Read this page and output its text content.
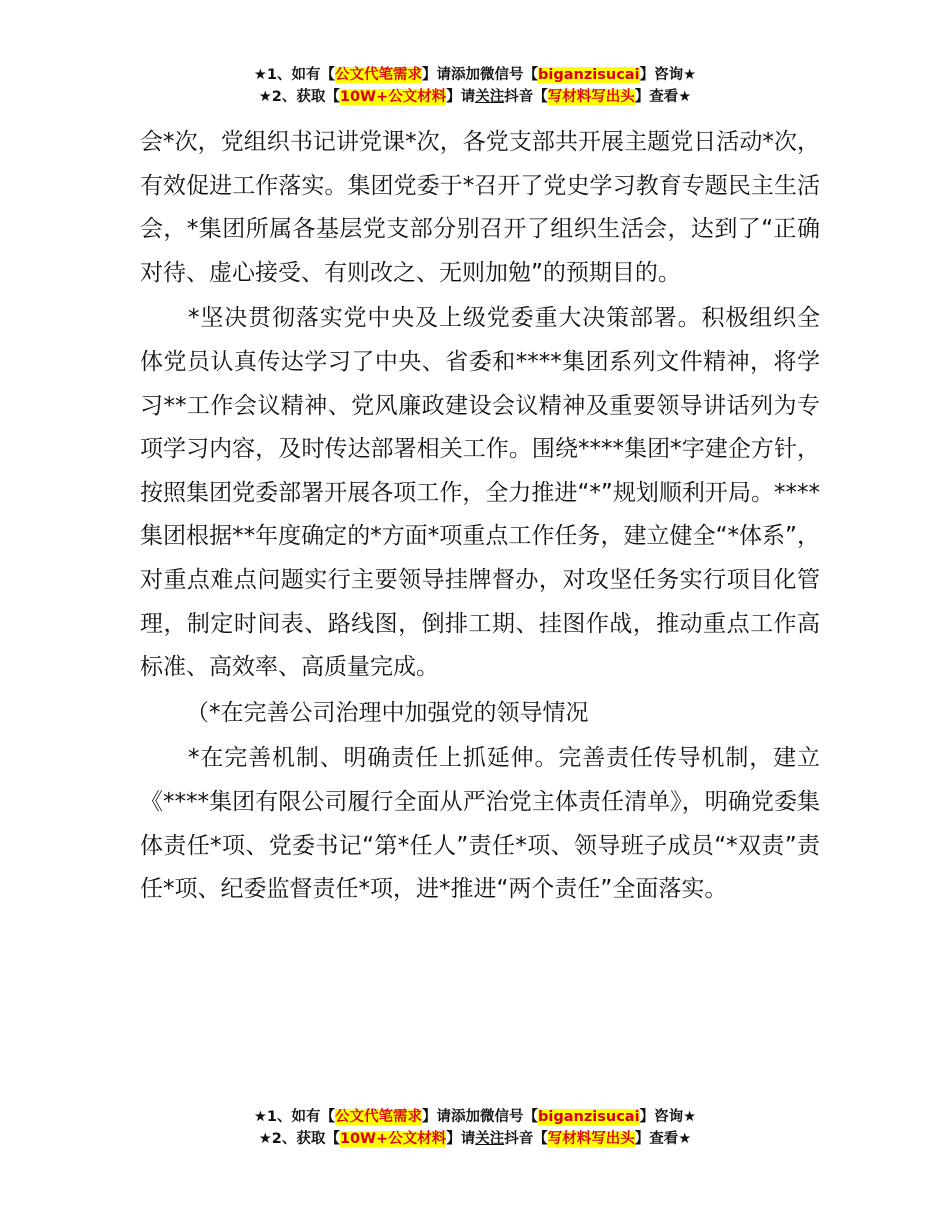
★1、如有【公文代笔需求】请添加微信号【biganzisucai】咨询★
★2、获取【10W+公文材料】请关注抖音【写材料写出头】查看★

会*次，党组织书记讲党课*次，各党支部共开展主题党日活动*次，有效促进工作落实。集团党委于*召开了党史学习教育专题民主生活会，*集团所属各基层党支部分别召开了组织生活会，达到了“正确对待、虚心接受、有则改之、无则加勉”的预期目的。

*坚决贯彻落实党中央及上级党委重大决策部署。积极组织全体党员认真传达学习了中央、省委和****集团系列文件精神，将学习**工作会议精神、党风廉政建设会议精神及重要领导讲话列为专项学习内容，及时传达部署相关工作。围绕****集团*字建企方针，按照集团党委部署开展各项工作，全力推进“*”规划顺利开局。****集团根据**年度确定的*方面*项重点工作任务，建立健全“*体系”，对重点难点问题实行主要领导挂牌督办，对攻坚任务实行项目化管理，制定时间表、路线图，倒排工期、挂图作战，推动重点工作高标准、高效率、高质量完成。

（*在完善公司治理中加强党的领导情况

*在完善机制、明确责任上抓延伸。完善责任传导机制，建立《****集团有限公司履行全面从严治党主体责任清单》，明确党委集体责任*项、党委书记“第*任人”责任*项、领导班子成员“*双责”责任*项、纪委监督责任*项，进*推进“两个责任”全面落实。

★1、如有【公文代笔需求】请添加微信号【biganzisucai】咨询★
★2、获取【10W+公文材料】请关注抖音【写材料写出头】查看★
